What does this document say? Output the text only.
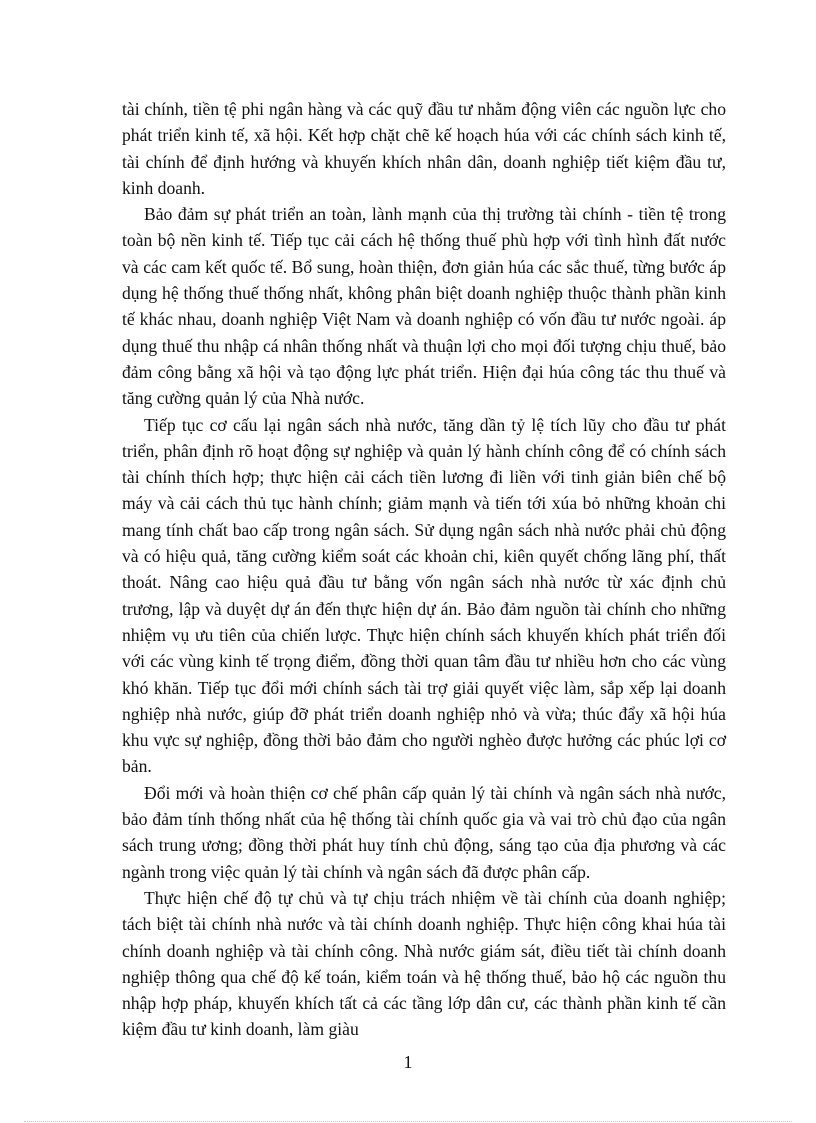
tài chính, tiền tệ phi ngân hàng và các quỹ đầu tư nhằm động viên các nguồn lực cho phát triển kinh tế, xã hội. Kết hợp chặt chẽ kế hoạch húa với các chính sách kinh tế, tài chính để định hướng và khuyến khích nhân dân, doanh nghiệp tiết kiệm đầu tư, kinh doanh.

Bảo đảm sự phát triển an toàn, lành mạnh của thị trường tài chính - tiền tệ trong toàn bộ nền kinh tế. Tiếp tục cải cách hệ thống thuế phù hợp với tình hình đất nước và các cam kết quốc tế. Bổ sung, hoàn thiện, đơn giản húa các sắc thuế, từng bước áp dụng hệ thống thuế thống nhất, không phân biệt doanh nghiệp thuộc thành phần kinh tế khác nhau, doanh nghiệp Việt Nam và doanh nghiệp có vốn đầu tư nước ngoài. áp dụng thuế thu nhập cá nhân thống nhất và thuận lợi cho mọi đối tượng chịu thuế, bảo đảm công bằng xã hội và tạo động lực phát triển. Hiện đại húa công tác thu thuế và tăng cường quản lý của Nhà nước.

Tiếp tục cơ cấu lại ngân sách nhà nước, tăng dần tỷ lệ tích lũy cho đầu tư phát triển, phân định rõ hoạt động sự nghiệp và quản lý hành chính công để có chính sách tài chính thích hợp; thực hiện cải cách tiền lương đi liền với tinh giản biên chế bộ máy và cải cách thủ tục hành chính; giảm mạnh và tiến tới xúa bỏ những khoản chi mang tính chất bao cấp trong ngân sách. Sử dụng ngân sách nhà nước phải chủ động và có hiệu quả, tăng cường kiểm soát các khoản chi, kiên quyết chống lãng phí, thất thoát. Nâng cao hiệu quả đầu tư bằng vốn ngân sách nhà nước từ xác định chủ trương, lập và duyệt dự án đến thực hiện dự án. Bảo đảm nguồn tài chính cho những nhiệm vụ ưu tiên của chiến lược. Thực hiện chính sách khuyến khích phát triển đối với các vùng kinh tế trọng điểm, đồng thời quan tâm đầu tư nhiều hơn cho các vùng khó khăn. Tiếp tục đổi mới chính sách tài trợ giải quyết việc làm, sắp xếp lại doanh nghiệp nhà nước, giúp đỡ phát triển doanh nghiệp nhỏ và vừa; thúc đẩy xã hội húa khu vực sự nghiệp, đồng thời bảo đảm cho người nghèo được hưởng các phúc lợi cơ bản.

Đổi mới và hoàn thiện cơ chế phân cấp quản lý tài chính và ngân sách nhà nước, bảo đảm tính thống nhất của hệ thống tài chính quốc gia và vai trò chủ đạo của ngân sách trung ương; đồng thời phát huy tính chủ động, sáng tạo của địa phương và các ngành trong việc quản lý tài chính và ngân sách đã được phân cấp.

Thực hiện chế độ tự chủ và tự chịu trách nhiệm về tài chính của doanh nghiệp; tách biệt tài chính nhà nước và tài chính doanh nghiệp. Thực hiện công khai húa tài chính doanh nghiệp và tài chính công. Nhà nước giám sát, điều tiết tài chính doanh nghiệp thông qua chế độ kế toán, kiểm toán và hệ thống thuế, bảo hộ các nguồn thu nhập hợp pháp, khuyến khích tất cả các tầng lớp dân cư, các thành phần kinh tế cần kiệm đầu tư kinh doanh, làm giàu

1
